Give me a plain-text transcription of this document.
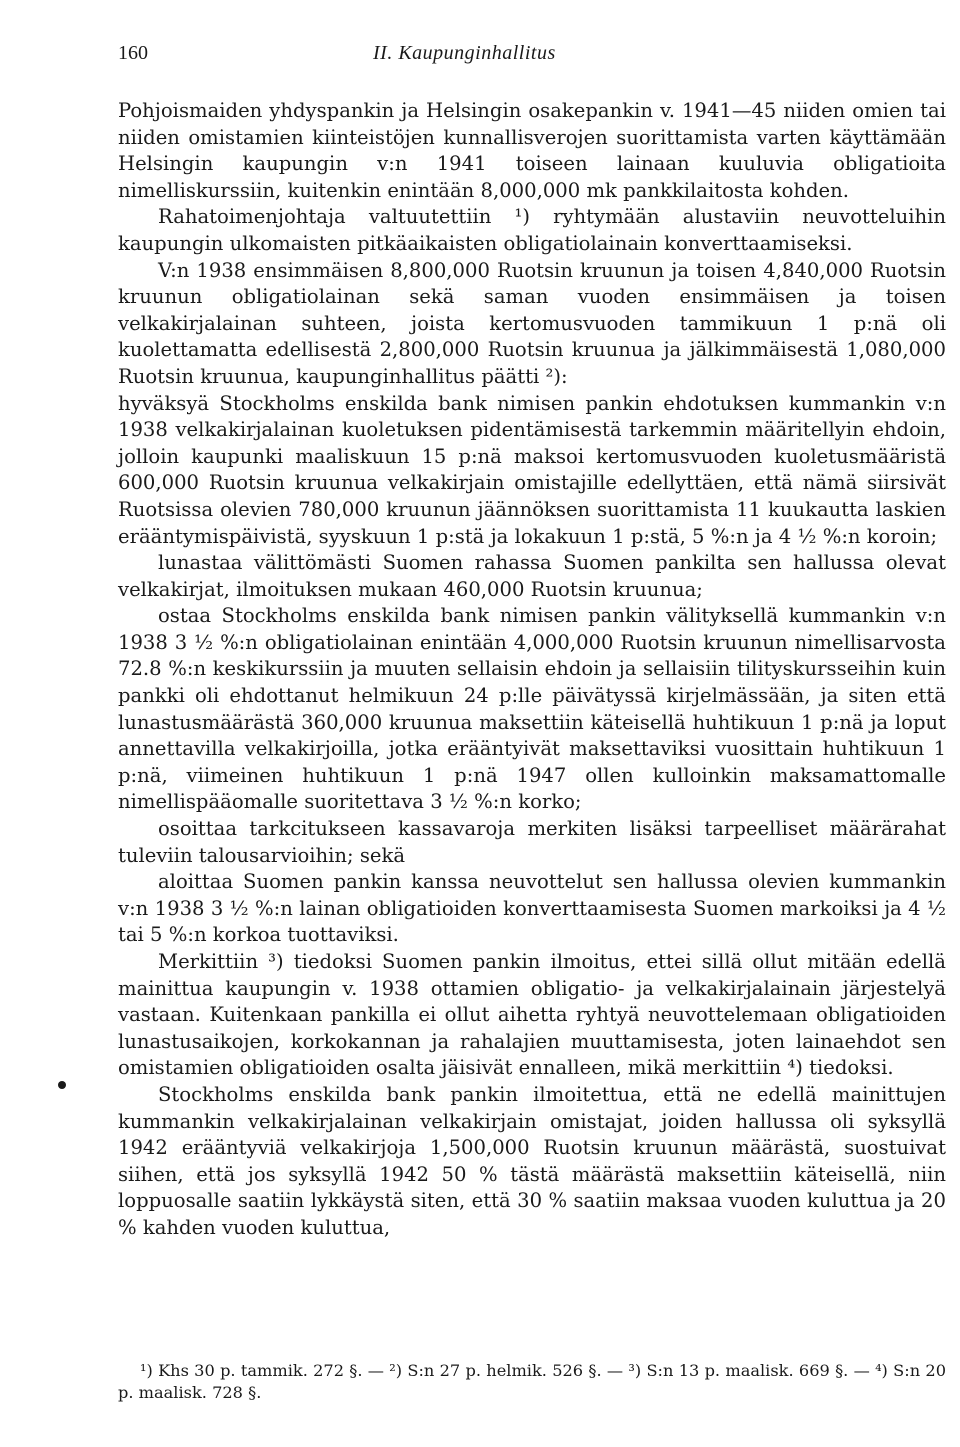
160	II. Kaupunginhallitus

Pohjoismaiden yhdyspankin ja Helsingin osakepankin v. 1941—45 niiden omien tai niiden omistamien kiinteistöjen kunnallisverojen suorittamista varten käyttämään Helsingin kaupungin v:n 1941 toiseen lainaan kuuluvia obligatioita nimelliskurssiin, kuitenkin enintään 8,000,000 mk pankkilaitosta kohden.

Rahatoimenjohtaja valtuutettiin ¹) ryhtymään alustaviin neuvotteluihin kaupungin ulkomaisten pitkäaikaisten obligatiolainain konverttaamiseksi.

V:n 1938 ensimmäisen 8,800,000 Ruotsin kruunun ja toisen 4,840,000 Ruotsin kruunun obligatiolainan sekä saman vuoden ensimmäisen ja toisen velkakirjalainan suhteen, joista kertomusvuoden tammikuun 1 p:nä oli kuolettamatta edellisestä 2,800,000 Ruotsin kruunua ja jälkimmäisestä 1,080,000 Ruotsin kruunua, kaupunginhallitus päätti ²):

hyväksyä Stockholms enskilda bank nimisen pankin ehdotuksen kummankin v:n 1938 velkakirjalainan kuoletuksen pidentämisestä tarkemmin määritellyin ehdoin, jolloin kaupunki maaliskuun 15 p:nä maksoi kertomusvuoden kuoletusmääristä 600,000 Ruotsin kruunua velkakirjain omistajille edellyttäen, että nämä siirsivät Ruotsissa olevien 780,000 kruunun jäännöksen suorittamista 11 kuukautta laskien erääntymispäivistä, syyskuun 1 p:stä ja lokakuun 1 p:stä, 5 %:n ja 4 ½ %:n koroin;

lunastaa välittömästi Suomen rahassa Suomen pankilta sen hallussa olevat velkakirjat, ilmoituksen mukaan 460,000 Ruotsin kruunua;

ostaa Stockholms enskilda bank nimisen pankin välityksellä kummankin v:n 1938 3 ½ %:n obligatiolainan enintään 4,000,000 Ruotsin kruunun nimellisarvosta 72.8 %:n keskikurssiin ja muuten sellaisin ehdoin ja sellaisiin tilityskursseihin kuin pankki oli ehdottanut helmikuun 24 p:lle päivätyssä kirjelmässään, ja siten että lunastusmäärästä 360,000 kruunua maksettiin käteisellä huhtikuun 1 p:nä ja loput annettavilla velkakirjoilla, jotka erääntyivät maksettaviksi vuosittain huhtikuun 1 p:nä, viimeinen huhtikuun 1 p:nä 1947 ollen kulloinkin maksamattomalle nimellispääomalle suoritettava 3 ½ %:n korko;

osoittaa tarkcitukseen kassavaroja merkiten lisäksi tarpeelliset määrärahat tuleviin talousarvioihin; sekä

aloittaa Suomen pankin kanssa neuvottelut sen hallussa olevien kummankin v:n 1938 3 ½ %:n lainan obligatioiden konverttaamisesta Suomen markoiksi ja 4 ½ tai 5 %:n korkoa tuottaviksi.

Merkittiin ³) tiedoksi Suomen pankin ilmoitus, ettei sillä ollut mitään edellä mainittua kaupungin v. 1938 ottamien obligatio- ja velkakirjalainain järjestelyä vastaan. Kuitenkaan pankilla ei ollut aihetta ryhtyä neuvottelemaan obligatioiden lunastusaikojen, korkokannan ja rahalajien muuttamisesta, joten lainaehdot sen omistamien obligatioiden osalta jäisivät ennalleen, mikä merkittiin ⁴) tiedoksi.

Stockholms enskilda bank pankin ilmoitettua, että ne edellä mainittujen kummankin velkakirjalainan velkakirjain omistajat, joiden hallussa oli syksyllä 1942 erääntyviä velkakirjoja 1,500,000 Ruotsin kruunun määrästä, suostuivat siihen, että jos syksyllä 1942 50 % tästä määrästä maksettiin käteisellä, niin loppuosalle saatiin lykkäystä siten, että 30 % saatiin maksaa vuoden kuluttua ja 20 % kahden vuoden kuluttua,

¹) Khs 30 p. tammik. 272 §. — ²) S:n 27 p. helmik. 526 §. — ³) S:n 13 p. maalisk. 669 §. — ⁴) S:n 20 p. maalisk. 728 §.
